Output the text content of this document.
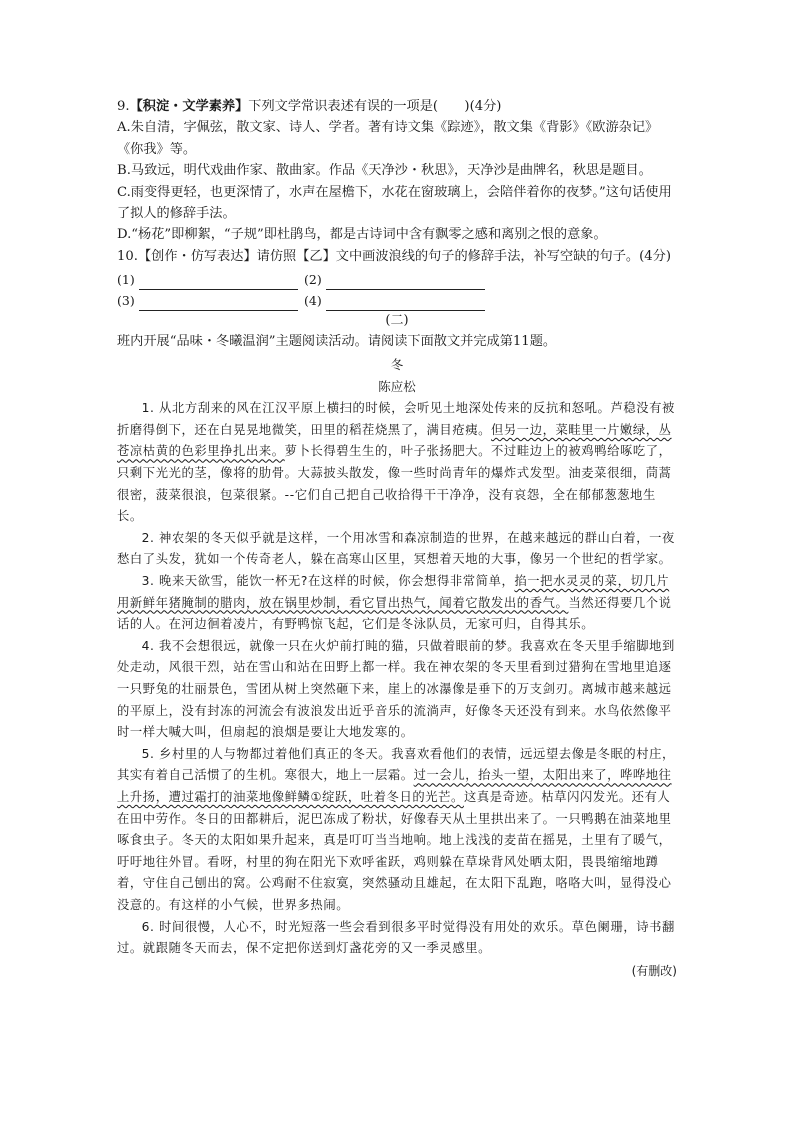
9.【积淀・文学素养】下列文学常识表述有误的一项是(　　)(4分)

A.朱自清，字佩弦，散文家、诗人、学者。著有诗文集《踪迹》，散文集《背影》《欧游杂记》《你我》等。

B.马致远，明代戏曲作家、散曲家。作品《天净沙・秋思》，天净沙是曲牌名，秋思是题目。

C.雨变得更轻，也更深情了，水声在屋檐下，水花在窗玻璃上，会陪伴着你的夜梦。”这句话使用了拟人的修辞手法。

D.“杨花”即柳絮，“子规”即杜鹃鸟，都是古诗词中含有飘零之感和离别之恨的意象。

10.【创作・仿写表达】请仿照【乙】文中画波浪线的句子的修辞手法，补写空缺的句子。(4分)

(1)	(2)
(3)	(4)

(二)

班内开展“品味・冬曦温润”主题阅读活动。请阅读下面散文并完成第11题。

冬

陈应松

1. 从北方刮来的风在江汉平原上横扫的时候，会听见土地深处传来的反抗和怒吼。芦稳没有被折磨得倒下，还在白晃晃地微笑，田里的稻茬烧黑了，满目疮痍。但另一边，菜畦里一片嫩绿，丛苍凉枯黄的色彩里挣扎出来。萝卜长得碧生生的，叶子张扬肥大。不过畦边上的被鸡鸭给啄吃了，只剩下光光的茎，像将的肋骨。大蒜披头散发，像一些时尚青年的爆炸式发型。油麦菜很细，茼蒿很密，菠菜很浪，包菜很紧。--它们自己把自己收拾得干干净净，没有哀怨，全在郁郁葱葱地生长。

2. 神农架的冬天似乎就是这样，一个用冰雪和森凉制造的世界，在越来越远的群山白着，一夜愁白了头发，犹如一个传奇老人，躲在高寒山区里，冥想着天地的大事，像另一个世纪的哲学家。

3. 晚来天欲雪，能饮一杯无?在这样的时候，你会想得非常简单，掐一把水灵灵的菜，切几片用新鲜年猪腌制的腊肉，放在锅里炒制，看它冒出热气，闻着它散发出的香气。当然还得要几个说话的人。在河边徊着凌片，有野鸭惊飞起，它们是冬泳队员，无家可归，自得其乐。

4. 我不会想很远，就像一只在火炉前打盹的猫，只做着眼前的梦。我喜欢在冬天里手缩脚地到处走动，风很干烈，站在雪山和站在田野上都一样。我在神农架的冬天里看到过猎狗在雪地里追逐一只野兔的壮丽景色，雪团从树上突然砸下来，崖上的冰瀑像是垂下的万支剑刃。离城市越来越远的平原上，没有封冻的河流会有波浪发出近乎音乐的流淌声，好像冬天还没有到来。水鸟依然像平时一样大喊大叫，但扇起的浪烟是要让大地发寒的。

5. 乡村里的人与物都过着他们真正的冬天。我喜欢看他们的表情，远远望去像是冬眠的村庄，其实有着自己活惯了的生机。寒很大，地上一层霜。过一会儿，抬头一望，太阳出来了，哗哗地往上升扬，遭过霜打的油菜地像鲜鳞①绽跃，吐着冬日的光芒。这真是奇迹。枯草闪闪发光。还有人在田中劳作。冬日的田都耕后，泥巴冻成了粉状，好像春天从土里拱出来了。一只鸭鹅在油菜地里啄食虫子。冬天的太阳如果升起来，真是叮叮当当地响。地上浅浅的麦苗在摇晃，土里有了暖气，吁吁地往外冒。看呀，村里的狗在阳光下欢呼雀跃，鸡则躲在草垛背风处晒太阳，畏畏缩缩地蹲着，守住自己刨出的窝。公鸡耐不住寂寞，突然骚动且雄起，在太阳下乱跑，咯咯大叫，显得没心没意的。有这样的小气候，世界多热闹。

6. 时间很慢，人心不，时光短落一些会看到很多平时觉得没有用处的欢乐。草色阑珊，诗书翻过。就跟随冬天而去，保不定把你送到灯盏花旁的又一季灵感里。

(有删改)
